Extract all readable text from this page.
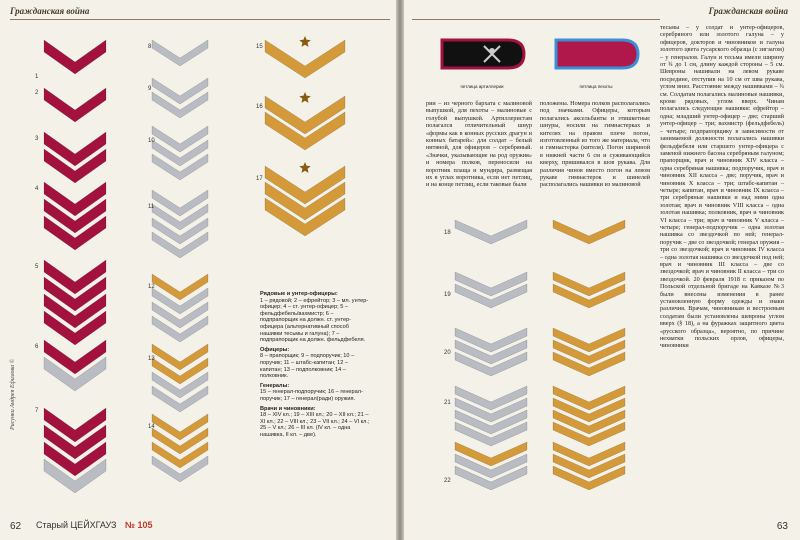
Гражданская война
Рисунки Андрея Ефимова ©
1
2
3
4
5
6
7
8
9
10
11
12
13
14
15
16
17
Рядовые и унтер-офицеры:
1 – рядовой; 2 – ефрейтор; 3 – мл. унтер-офицер; 4 – ст. унтер-офицер; 5 – фельдфебель/вахмистр; 6 – подпрапорщик на должн. ст. унтер-офицера (альтернативный способ нашивки тесьмы и галуна); 7 – подпрапорщик на должн. фельдфебеля.
Офицеры:
8 – прапорщик; 9 – подпоручик; 10 – поручик; 11 – штабс-капитан; 12 – капитан; 13 – подполковник; 14 – полковник.
Генералы:
15 – генерал-подпоручик; 16 – генерал-поручик; 17 – генерал(ради) оружия.
Врачи и чиновники:
18 – XIV кл.; 19 – XIII кл.; 20 – XII кл.; 21 – XI кл.; 22 – VIII кл.; 23 – VII кл.; 24 – VI кл.; 25 – V кл.; 26 – III кл. (IV кл. – одна нашивка, II кл. – две).
62 Старый ЦЕЙХГАУЗ № 105
Гражданская война
петлица артиллерии	петлица пехоты
рии – из черного бархата с малиновой выпушкой, для пехоты – малиновые с голубой выпушкой. Артиллеристам полагался отличительный шнур «формы как в конных русских драгун и конных батарей»: для солдат – белый нитяной, для офицеров – серебряный. «Значки, указывающие на род оружия» и номера полков, переносили на воротник плаща и мундира, размещая их в углах воротника, если нет петлиц, и на конце петлиц, если таковые были
положены. Номера полков располагались под значками. Офицеры, которым полагались аксельбанты и этишкетные шнуры, носили на гимнастерках и кителях на правом плече погон, изготовленный из того же материала, что и гимнастерка (кителя). Погон шириной в нижней части 6 см и суживающийся кверху, пришивался в шов рукава. Для различия чинов вместо погон на левом рукаве гимнастерок и шинелей располагались нашивки из малиновой
тесьмы – у солдат и унтер-офицеров, серебряного или золотого галуна – у офицеров, докторов и чиновников и галуна золотого цвета гусарского образца (с зигзагом) – у генералов. Галун и тесьма имели ширину от ¾ до 1 см, длину каждой стороны – 5 см. Шевроны нашивали на левом рукаве посредине, отступив на 10 см от шва рукава, углом вниз. Расстояние между нашивками – ¾ см. Солдатам полагались малиновые нашивки, кроме рядовых, углом вверх. Чинам полагались следующие нашивки: ефрейтор – одна; младший унтер-офицер – две; старший унтер-офицер – три; вахмистр (фельдфебель) – четыре; подпрапорщику в зависимости от занимаемой должности полагались нашивки фельдфебеля или старшего унтер-офицера с заменой нижнего басона серебряным галуном; прапорщик, врач и чиновник XIV класса – одна серебряная нашивка; подпоручик, врач и чиновник XII класса – две; поручик, врач и чиновник X класса – три; штабс-капитан – четыре; капитан, врач и чиновник IX класса – три серебряные нашивки и над ними одна золотая; врач и чиновник VIII класса – одна золотая нашивка; полковник, врач и чиновник VI класса – три; врач и чиновник V класса – четыре; генерал-подпоручик – одна золотая нашивка со звездочкой по ней; генерал-поручик – две со звездочкой; генерал оружия – три со звездочкой; врач и чиновник IV класса – одна золотая нашивка со звездочкой под ней; врач и чиновник III класса – две со звездочкой; врач и чиновник II класса – три со звездочкой. 20 февраля 1918 г. приказом по Польской отдельной бригаде на Кавказе №3 были внесены изменения в ранее установленную форму одежды и знаки различия. Врачам, чиновникам и вестроевым солдатам были установлены шевроны углом вверх (§ 18), а на фуражках защитного цвета «русского образца», вероятно, по причине нехватки польских орлов, офицеры, чиновники
18
19
20
21
22
63
